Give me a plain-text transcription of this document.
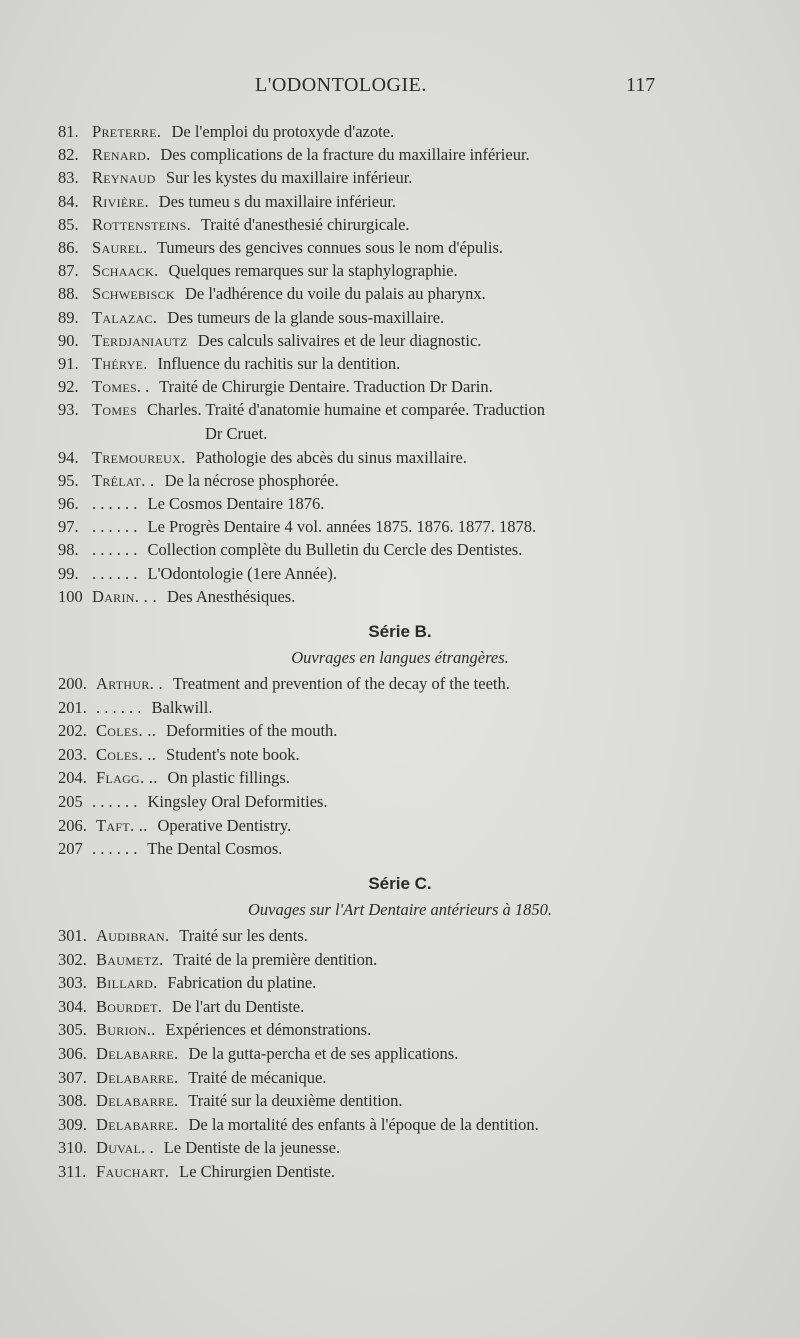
L'ODONTOLOGIE.	117
81. Preterre. De l'emploi du protoxyde d'azote.
82. Renard. Des complications de la fracture du maxillaire inférieur.
83. Reynaud Sur les kystes du maxillaire inférieur.
84. Rivière. Des tumeu s du maxillaire inférieur.
85. Rottensteins. Traité d'anesthesié chirurgicale.
86. Saurel. Tumeurs des gencives connues sous le nom d'épulis.
87. Schaack. Quelques remarques sur la staphylographie.
88. Schwebisck De l'adhérence du voile du palais au pharynx.
89. Talazac. Des tumeurs de la glande sous-maxillaire.
90. Terdjaniautz Des calculs salivaires et de leur diagnostic.
91. Thérye. Influence du rachitis sur la dentition.
92. Tomes. . Traité de Chirurgie Dentaire. Traduction Dr Darin.
93. Tomes Charles. Traité d'anatomie humaine et comparée. Traduction
94. Tremoureux. Pathologie des abcès du sinus maxillaire.
95. Trélat. . De la nécrose phosphorée.
96. . . . . . . Le Cosmos Dentaire 1876.
97. . . . . . . Le Progrès Dentaire 4 vol. années 1875. 1876. 1877. 1878.
98. . . . . . . Collection complète du Bulletin du Cercle des Dentistes.
99. . . . . . . L'Odontologie (1ere Année).
100 Darin. . . Des Anesthésiques.
Dr Cruet.
Série B.
Ouvrages en langues étrangères.
200. Arthur. . Treatment and prevention of the decay of the teeth.
201. . . . . . . Balkwill.
202. Coles. .. Deformities of the mouth.
203. Coles. .. Student's note book.
204. Flagg. .. On plastic fillings.
205 . . . . . . Kingsley Oral Deformities.
206. Taft. .. Operative Dentistry.
207 . . . . . . The Dental Cosmos.
Série C.
Ouvages sur l'Art Dentaire antérieurs à 1850.
301. Audibran. Traité sur les dents.
302. Baumetz. Traité de la première dentition.
303. Billard. Fabrication du platine.
304. Bourdet. De l'art du Dentiste.
305. Burion.. Expériences et démonstrations.
306. Delabarre. De la gutta-percha et de ses applications.
307. Delabarre. Traité de mécanique.
308. Delabarre. Traité sur la deuxième dentition.
309. Delabarre. De la mortalité des enfants à l'époque de la dentition.
310. Duval. . Le Dentiste de la jeunesse.
311. Fauchart. Le Chirurgien Dentiste.
